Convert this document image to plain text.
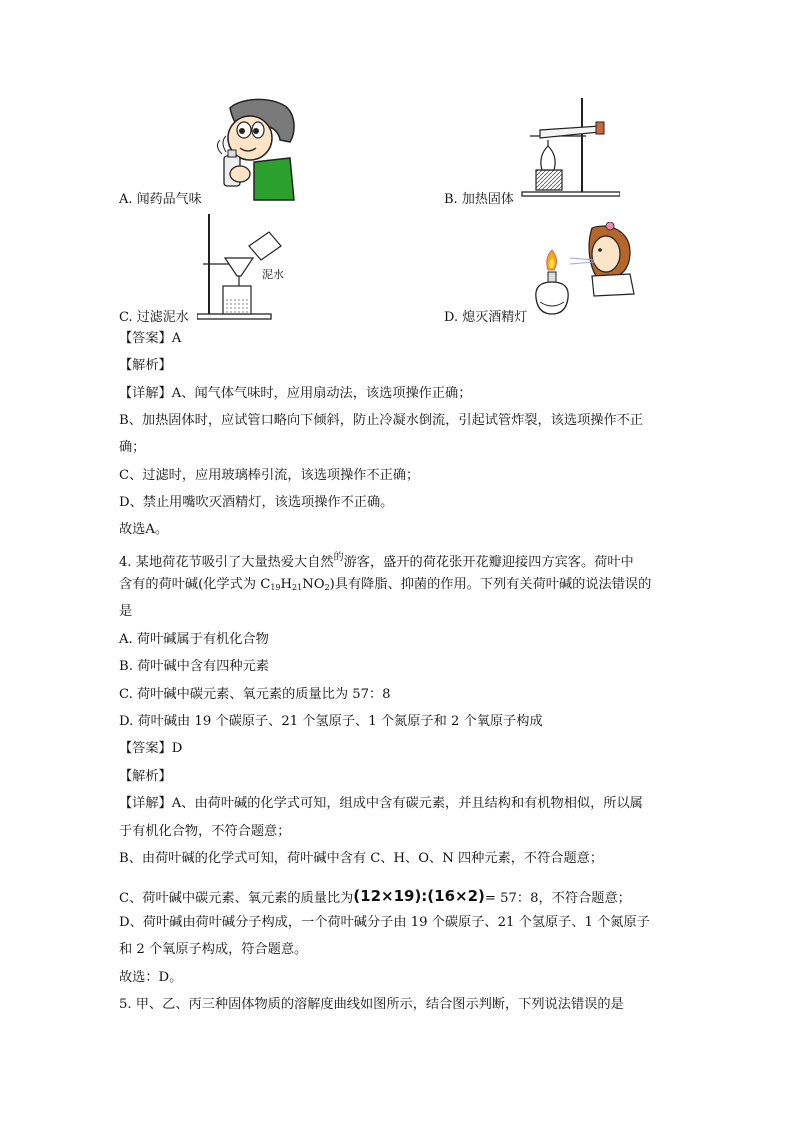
A. 闻药品气味	B. 加热固体
泥水
C. 过滤泥水	D. 熄灭酒精灯
【答案】A
【解析】
【详解】A、闻气体气味时，应用扇动法，该选项操作正确；
B、加热固体时，应试管口略向下倾斜，防止冷凝水倒流，引起试管炸裂，该选项操作不正
确；
C、过滤时，应用玻璃棒引流，该选项操作不正确；
D、禁止用嘴吹灭酒精灯，该选项操作不正确。
故选A。
4. 某地荷花节吸引了大量热爱大自然$^的$游客，盛开的荷花张开花瓣迎接四方宾客。荷叶中
含有的荷叶碱(化学式为 $C_{19}H_{21}NO_2$)具有降脂、抑菌的作用。下列有关荷叶碱的说法错误的
是
A. 荷叶碱属于有机化合物
B. 荷叶碱中含有四种元素
C. 荷叶碱中碳元素、氧元素的质量比为 57：8
D. 荷叶碱由 19 个碳原子、21 个氢原子、1 个氮原子和 2 个氧原子构成
【答案】D
【解析】
【详解】A、由荷叶碱的化学式可知，组成中含有碳元素，并且结构和有机物相似，所以属
于有机化合物，不符合题意；
B、由荷叶碱的化学式可知，荷叶碱中含有 C、H、O、N 四种元素，不符合题意；
C、荷叶碱中碳元素、氧元素的质量比为(12×19):(16×2)= 57：8，不符合题意；
D、荷叶碱由荷叶碱分子构成，一个荷叶碱分子由 19 个碳原子、21 个氢原子、1 个氮原子
和 2 个氧原子构成，符合题意。
故选：D。
5. 甲、乙、丙三种固体物质的溶解度曲线如图所示，结合图示判断，下列说法错误的是
